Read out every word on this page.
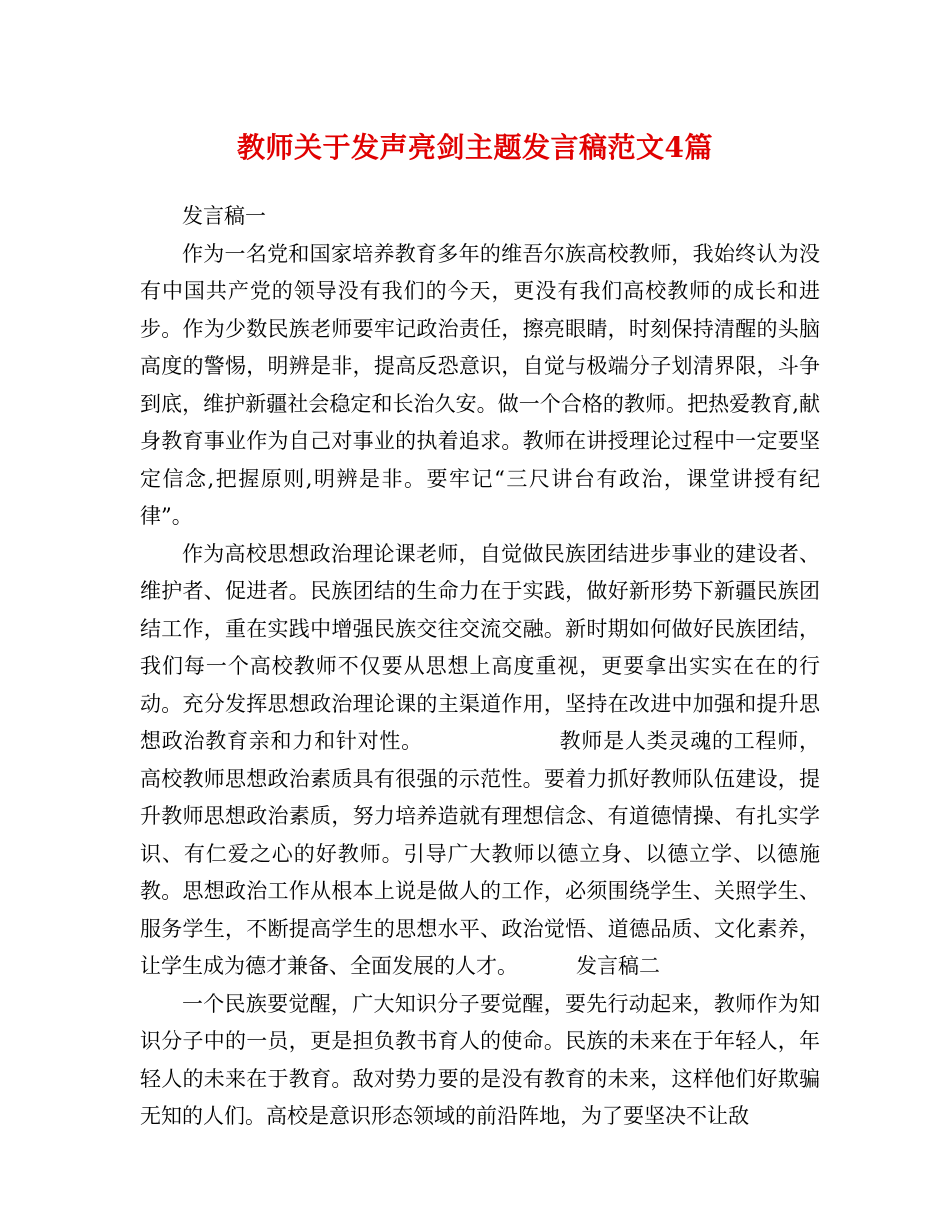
教师关于发声亮剑主题发言稿范文4篇

发言稿一

作为一名党和国家培养教育多年的维吾尔族高校教师，我始终认为没有中国共产党的领导没有我们的今天，更没有我们高校教师的成长和进步。作为少数民族老师要牢记政治责任，擦亮眼睛，时刻保持清醒的头脑高度的警惕，明辨是非，提高反恐意识，自觉与极端分子划清界限，斗争到底，维护新疆社会稳定和长治久安。做一个合格的教师。把热爱教育,献身教育事业作为自己对事业的执着追求。教师在讲授理论过程中一定要坚定信念,把握原则,明辨是非。要牢记“三尺讲台有政治，课堂讲授有纪律”。

作为高校思想政治理论课老师，自觉做民族团结进步事业的建设者、维护者、促进者。民族团结的生命力在于实践，做好新形势下新疆民族团结工作，重在实践中增强民族交往交流交融。新时期如何做好民族团结，我们每一个高校教师不仅要从思想上高度重视，更要拿出实实在在的行动。充分发挥思想政治理论课的主渠道作用，坚持在改进中加强和提升思想政治教育亲和力和针对性。	教师是人类灵魂的工程师，高校教师思想政治素质具有很强的示范性。要着力抓好教师队伍建设，提升教师思想政治素质，努力培养造就有理想信念、有道德情操、有扎实学识、有仁爱之心的好教师。引导广大教师以德立身、以德立学、以德施教。思想政治工作从根本上说是做人的工作，必须围绕学生、关照学生、服务学生，不断提高学生的思想水平、政治觉悟、道德品质、文化素养，让学生成为德才兼备、全面发展的人才。	发言稿二

一个民族要觉醒，广大知识分子要觉醒，要先行动起来，教师作为知识分子中的一员，更是担负教书育人的使命。民族的未来在于年轻人，年轻人的未来在于教育。敌对势力要的是没有教育的未来，这样他们好欺骗无知的人们。高校是意识形态领域的前沿阵地，为了要坚决不让敌
